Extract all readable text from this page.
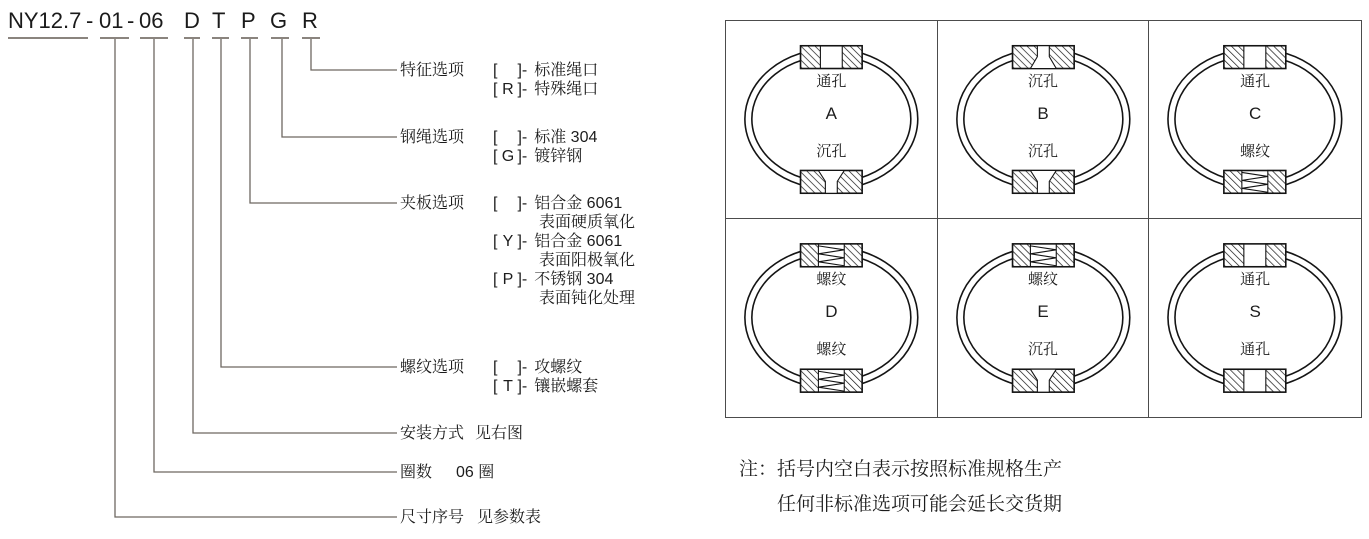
NY12.7 - 01 - 06 D T P G R
特征选项	[ ]- 标准绳口
[ R ]- 特殊绳口
钢绳选项	[ ]- 标准 304
[ G ]- 镀锌钢
夹板选项	[ ]- 铝合金 6061
表面硬质氧化
[ Y ]- 铝合金 6061
表面阳极氧化
[ P ]- 不锈钢 304
表面钝化处理
螺纹选项	[ ]- 攻螺纹
[ T ]- 镶嵌螺套
安装方式 见右图
圈数 06 圈
尺寸序号 见参数表
通孔
A
沉孔
沉孔
B
沉孔
通孔
C
螺纹
螺纹
D
螺纹
螺纹
E
沉孔
通孔
S
通孔
注： 括号内空白表示按照标准规格生产
任何非标准选项可能会延长交货期
